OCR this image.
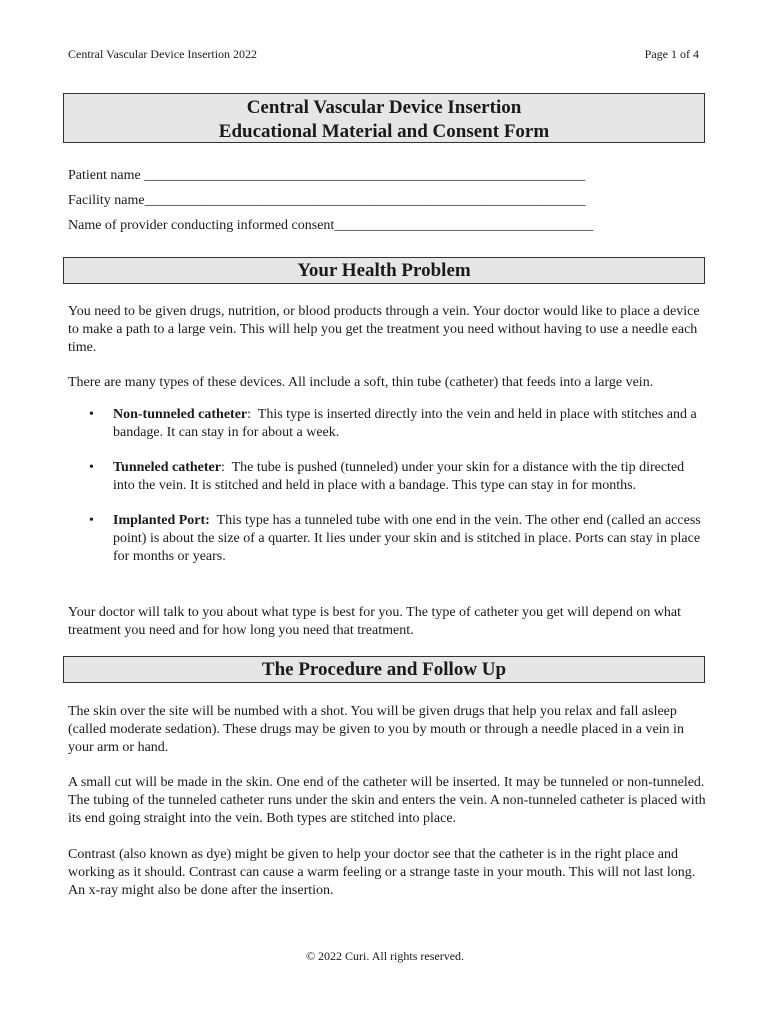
Central Vascular Device Insertion 2022	Page 1 of 4
Central Vascular Device Insertion
Educational Material and Consent Form
Patient name _______________________________________________________________
Facility name_______________________________________________________________
Name of provider conducting informed consent_____________________________________
Your Health Problem
You need to be given drugs, nutrition, or blood products through a vein. Your doctor would like to place a device to make a path to a large vein. This will help you get the treatment you need without having to use a needle each time.
There are many types of these devices. All include a soft, thin tube (catheter) that feeds into a large vein.
• Non-tunneled catheter: This type is inserted directly into the vein and held in place with stitches and a bandage. It can stay in for about a week.
• Tunneled catheter: The tube is pushed (tunneled) under your skin for a distance with the tip directed into the vein. It is stitched and held in place with a bandage. This type can stay in for months.
• Implanted Port: This type has a tunneled tube with one end in the vein. The other end (called an access point) is about the size of a quarter. It lies under your skin and is stitched in place. Ports can stay in place for months or years.
Your doctor will talk to you about what type is best for you. The type of catheter you get will depend on what treatment you need and for how long you need that treatment.
The Procedure and Follow Up
The skin over the site will be numbed with a shot. You will be given drugs that help you relax and fall asleep (called moderate sedation). These drugs may be given to you by mouth or through a needle placed in a vein in your arm or hand.
A small cut will be made in the skin. One end of the catheter will be inserted. It may be tunneled or non-tunneled. The tubing of the tunneled catheter runs under the skin and enters the vein. A non-tunneled catheter is placed with its end going straight into the vein. Both types are stitched into place.
Contrast (also known as dye) might be given to help your doctor see that the catheter is in the right place and working as it should. Contrast can cause a warm feeling or a strange taste in your mouth. This will not last long. An x-ray might also be done after the insertion.
© 2022 Curi. All rights reserved.
